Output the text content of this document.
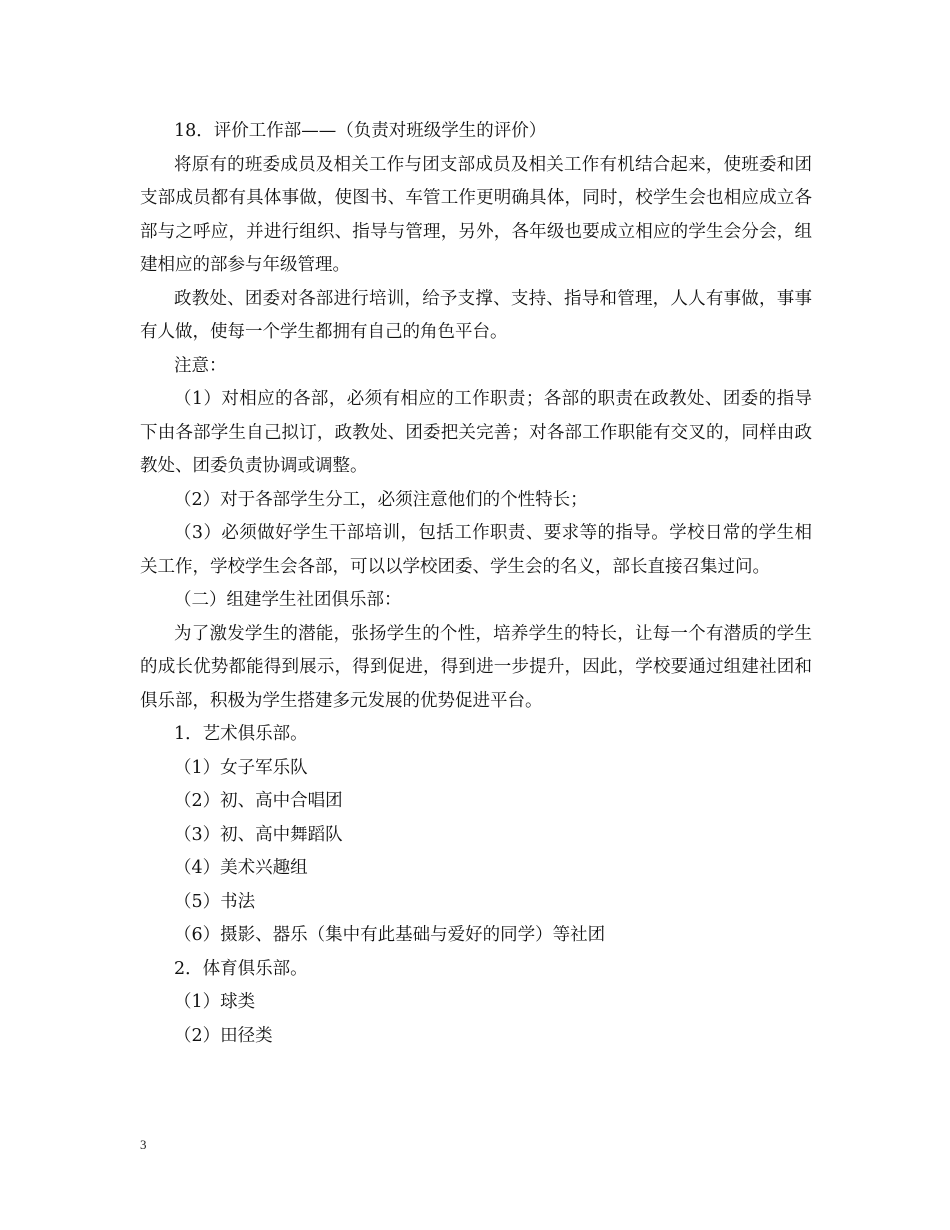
18．评价工作部——（负责对班级学生的评价）

将原有的班委成员及相关工作与团支部成员及相关工作有机结合起来，使班委和团支部成员都有具体事做，使图书、车管工作更明确具体，同时，校学生会也相应成立各部与之呼应，并进行组织、指导与管理，另外，各年级也要成立相应的学生会分会，组建相应的部参与年级管理。

政教处、团委对各部进行培训，给予支撑、支持、指导和管理，人人有事做，事事有人做，使每一个学生都拥有自己的角色平台。

注意：

（1）对相应的各部，必须有相应的工作职责；各部的职责在政教处、团委的指导下由各部学生自己拟订，政教处、团委把关完善；对各部工作职能有交叉的，同样由政教处、团委负责协调或调整。

（2）对于各部学生分工，必须注意他们的个性特长；

（3）必须做好学生干部培训，包括工作职责、要求等的指导。学校日常的学生相关工作，学校学生会各部，可以以学校团委、学生会的名义，部长直接召集过问。

（二）组建学生社团俱乐部：

为了激发学生的潜能，张扬学生的个性，培养学生的特长，让每一个有潜质的学生的成长优势都能得到展示，得到促进，得到进一步提升，因此，学校要通过组建社团和俱乐部，积极为学生搭建多元发展的优势促进平台。

1．艺术俱乐部。

（1）女子军乐队

（2）初、高中合唱团

（3）初、高中舞蹈队

（4）美术兴趣组

（5）书法

（6）摄影、器乐（集中有此基础与爱好的同学）等社团

2．体育俱乐部。

（1）球类

（2）田径类

3
